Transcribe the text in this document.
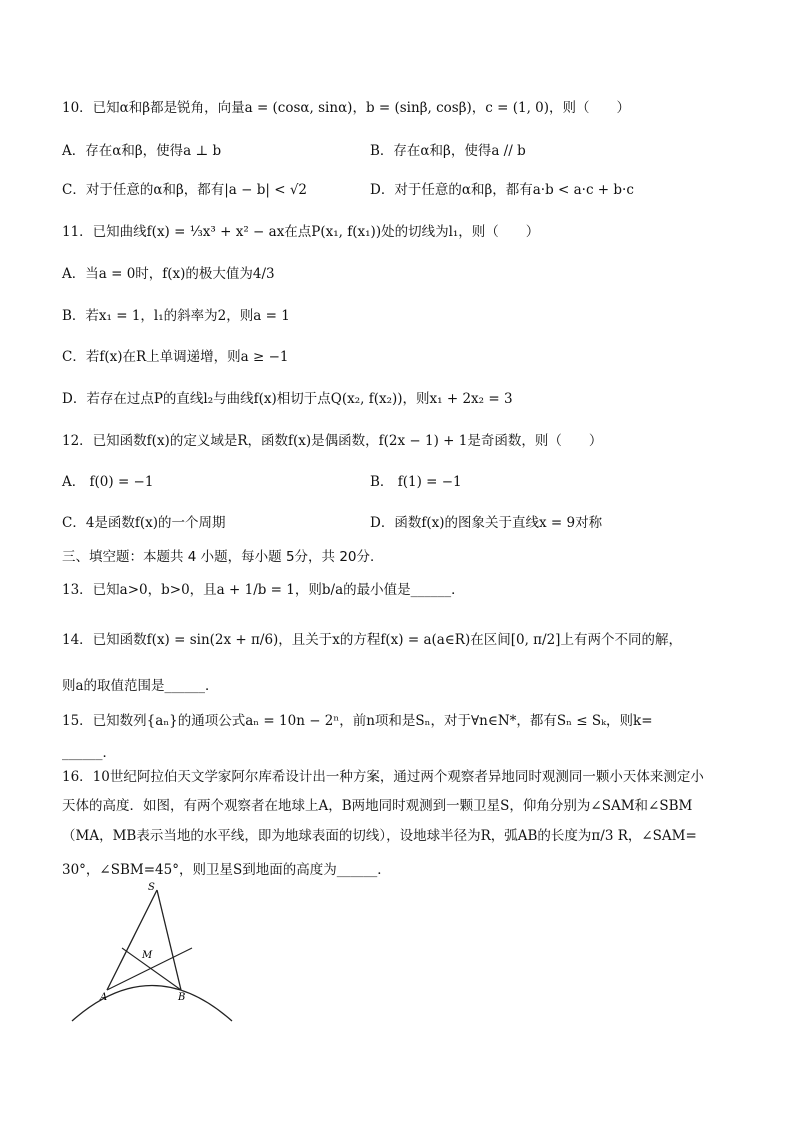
10．已知α和β都是锐角，向量a = (cosα, sinα)，b = (sinβ, cosβ)，c = (1, 0)，则（　　）
A．存在α和β，使得a ⊥ b	B．存在α和β，使得a // b
C．对于任意的α和β，都有|a − b| < √2	D．对于任意的α和β，都有a·b < a·c + b·c
11．已知曲线f(x) = ⅓x³ + x² − ax在点P(x₁, f(x₁))处的切线为l₁，则（　　）
A．当a = 0时，f(x)的极大值为4/3
B．若x₁ = 1，l₁的斜率为2，则a = 1
C．若f(x)在R上单调递增，则a ≥ −1
D．若存在过点P的直线l₂与曲线f(x)相切于点Q(x₂, f(x₂))，则x₁ + 2x₂ = 3
12．已知函数f(x)的定义域是R，函数f(x)是偶函数，f(2x − 1) + 1是奇函数，则（　　）
A． f(0) = −1	B． f(1) = −1
C．4是函数f(x)的一个周期	D．函数f(x)的图象关于直线x = 9对称
三、填空题：本题共 4 小题，每小题 5分，共 20分．
13．已知a>0，b>0，且a + 1/b = 1，则b/a的最小值是______．
14．已知函数f(x) = sin(2x + π/6)，且关于x的方程f(x) = a(a∈R)在区间[0, π/2]上有两个不同的解，
则a的取值范围是______．
15．已知数列{aₙ}的通项公式aₙ = 10n − 2ⁿ，前n项和是Sₙ，对于∀n∈N*，都有Sₙ ≤ Sₖ，则k=
______．
16．10世纪阿拉伯天文学家阿尔库希设计出一种方案，通过两个观察者异地同时观测同一颗小天体来测定小
天体的高度．如图，有两个观察者在地球上A，B两地同时观测到一颗卫星S，仰角分别为∠SAM和∠SBM
（MA，MB表示当地的水平线，即为地球表面的切线），设地球半径为R，弧AB的长度为π/3 R，∠SAM=
30°，∠SBM=45°，则卫星S到地面的高度为______．
S
M
A	B
